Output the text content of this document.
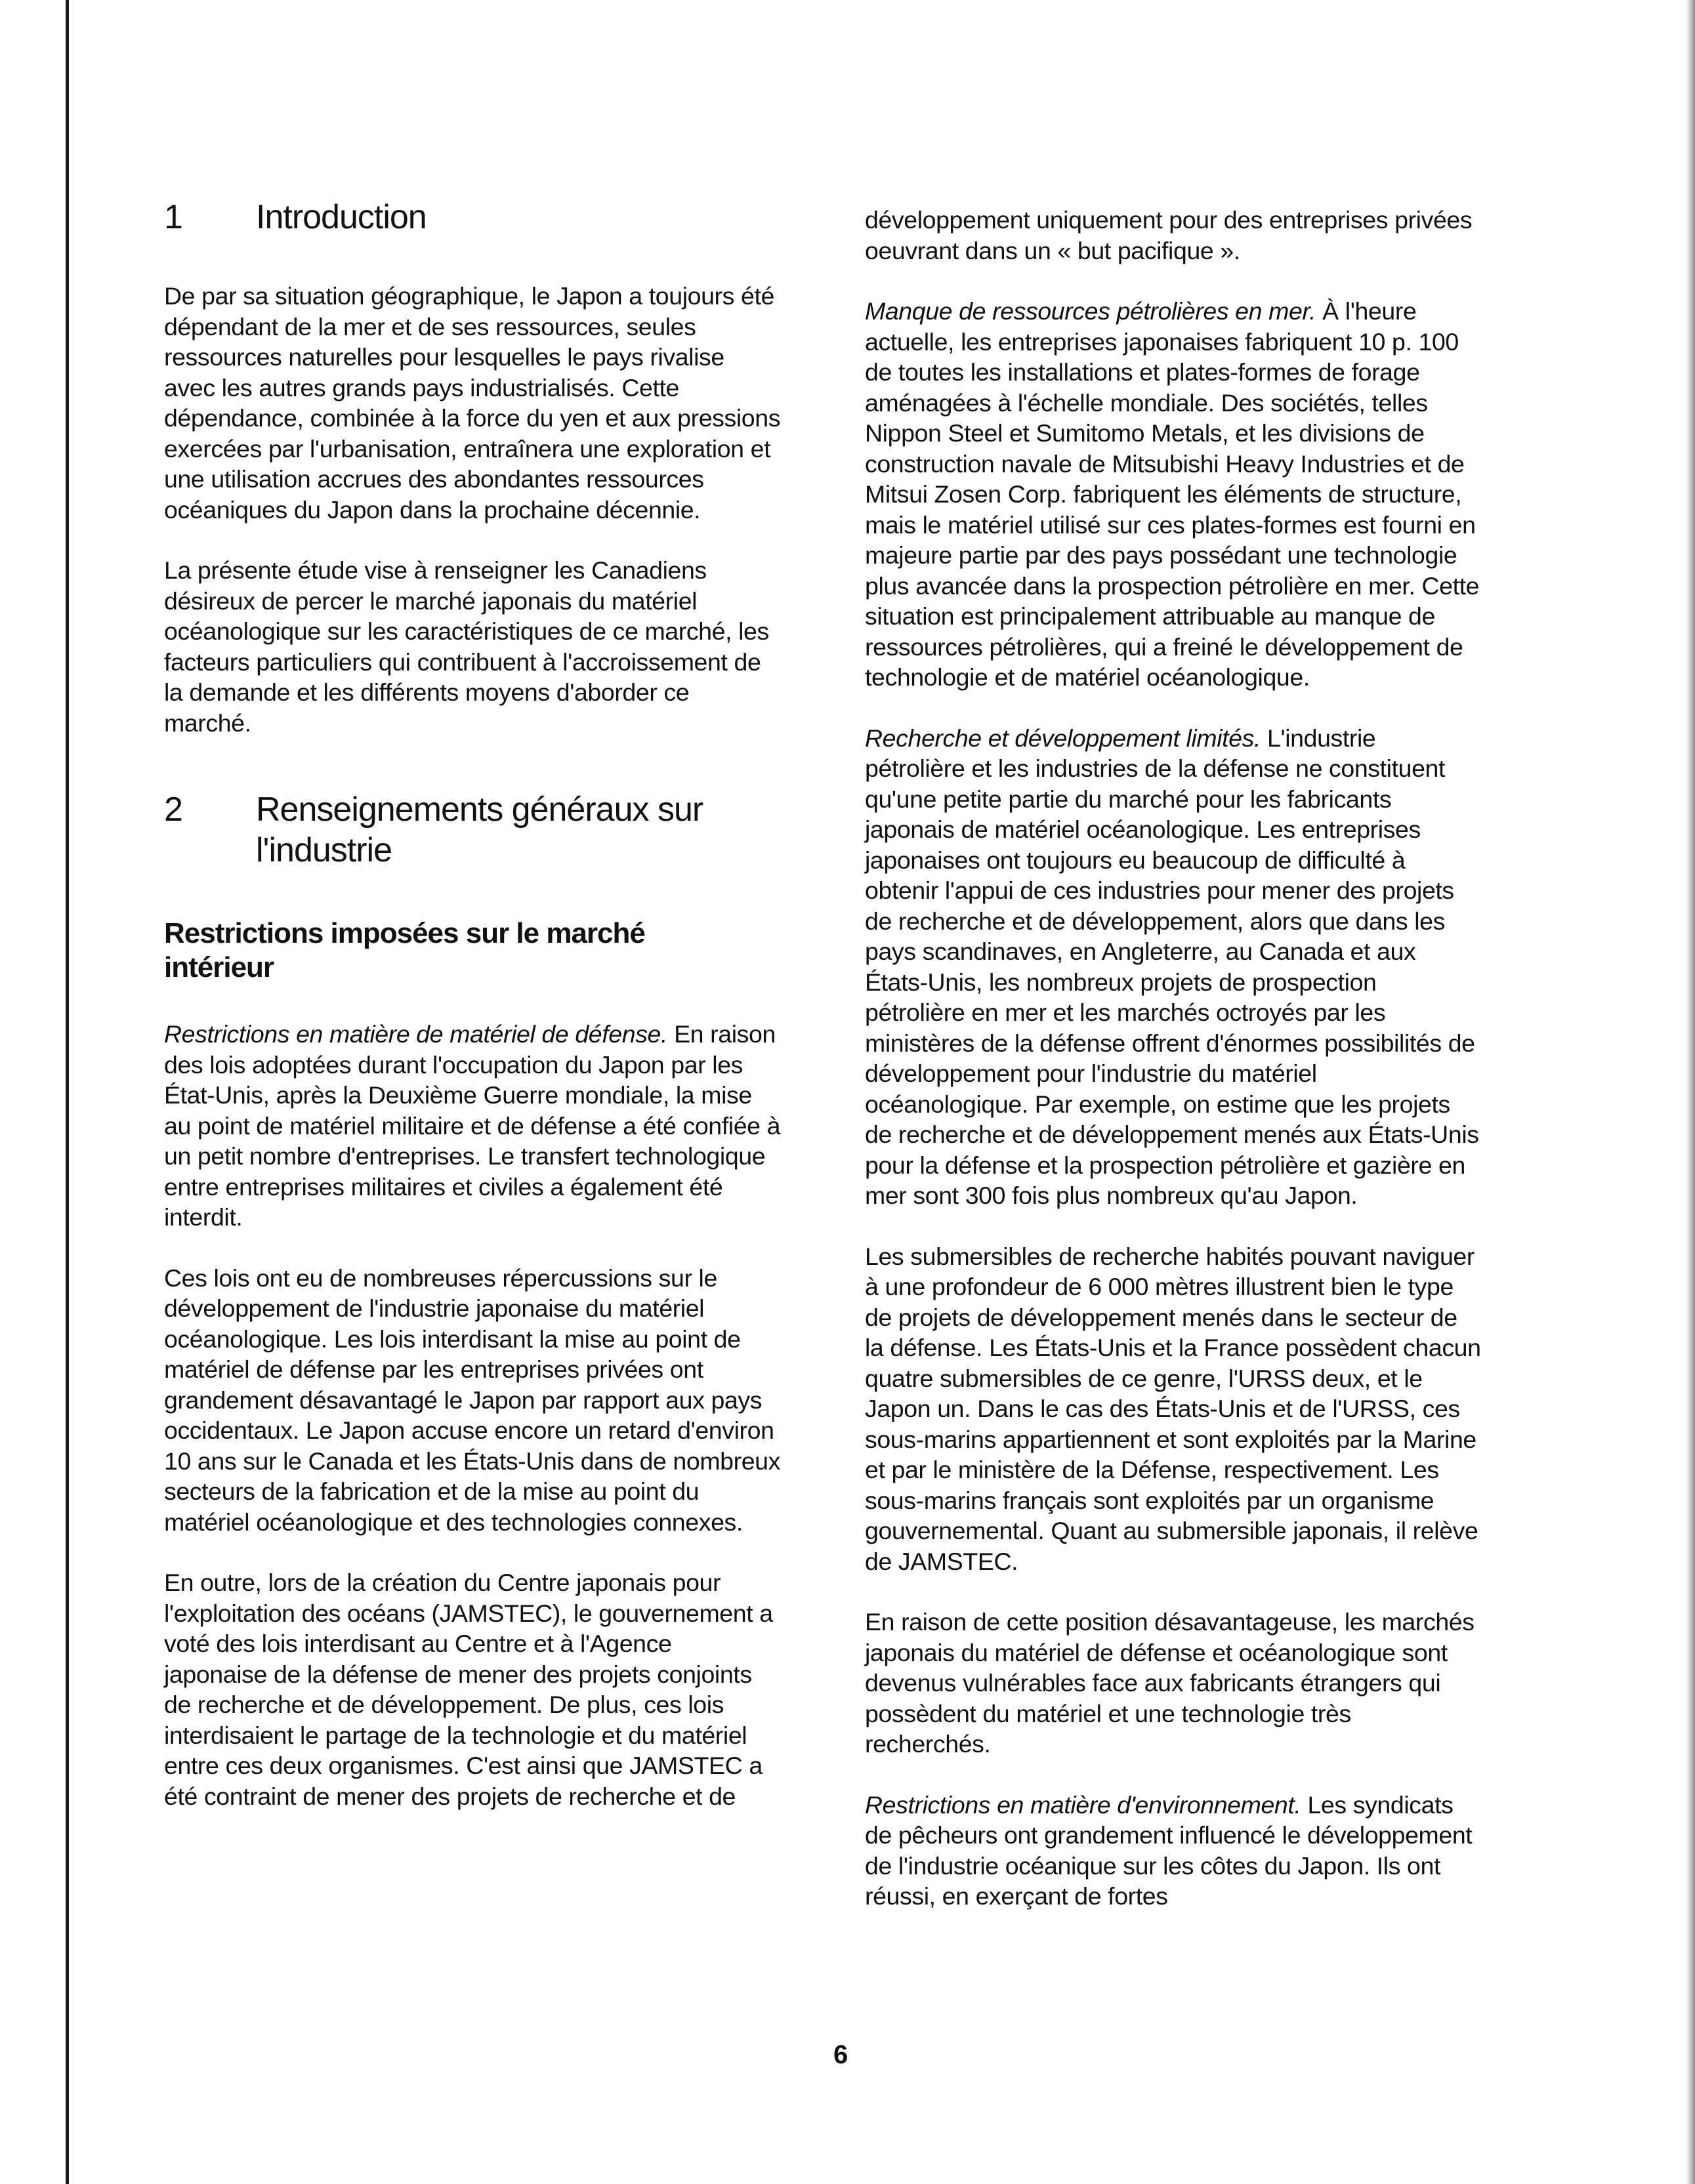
1	Introduction

De par sa situation géographique, le Japon a toujours été dépendant de la mer et de ses ressources, seules ressources naturelles pour lesquelles le pays rivalise avec les autres grands pays industrialisés. Cette dépendance, combinée à la force du yen et aux pressions exercées par l'urbanisation, entraînera une exploration et une utilisation accrues des abondantes ressources océaniques du Japon dans la prochaine décennie.

La présente étude vise à renseigner les Canadiens désireux de percer le marché japonais du matériel océanologique sur les caractéristiques de ce marché, les facteurs particuliers qui contribuent à l'accroissement de la demande et les différents moyens d'aborder ce marché.

2	Renseignements généraux sur l'industrie
Restrictions imposées sur le marché intérieur

Restrictions en matière de matériel de défense. En raison des lois adoptées durant l'occupation du Japon par les État-Unis, après la Deuxième Guerre mondiale, la mise au point de matériel militaire et de défense a été confiée à un petit nombre d'entreprises. Le transfert technologique entre entreprises militaires et civiles a également été interdit.

Ces lois ont eu de nombreuses répercussions sur le développement de l'industrie japonaise du matériel océanologique. Les lois interdisant la mise au point de matériel de défense par les entreprises privées ont grandement désavantagé le Japon par rapport aux pays occidentaux. Le Japon accuse encore un retard d'environ 10 ans sur le Canada et les États-Unis dans de nombreux secteurs de la fabrication et de la mise au point du matériel océanologique et des technologies connexes.

En outre, lors de la création du Centre japonais pour l'exploitation des océans (JAMSTEC), le gouvernement a voté des lois interdisant au Centre et à l'Agence japonaise de la défense de mener des projets conjoints de recherche et de développement. De plus, ces lois interdisaient le partage de la technologie et du matériel entre ces deux organismes. C'est ainsi que JAMSTEC a été contraint de mener des projets de recherche et de

développement uniquement pour des entreprises privées oeuvrant dans un « but pacifique ».

Manque de ressources pétrolières en mer. À l'heure actuelle, les entreprises japonaises fabriquent 10 p. 100 de toutes les installations et plates-formes de forage aménagées à l'échelle mondiale. Des sociétés, telles Nippon Steel et Sumitomo Metals, et les divisions de construction navale de Mitsubishi Heavy Industries et de Mitsui Zosen Corp. fabriquent les éléments de structure, mais le matériel utilisé sur ces plates-formes est fourni en majeure partie par des pays possédant une technologie plus avancée dans la prospection pétrolière en mer. Cette situation est principalement attribuable au manque de ressources pétrolières, qui a freiné le développement de technologie et de matériel océanologique.

Recherche et développement limités. L'industrie pétrolière et les industries de la défense ne constituent qu'une petite partie du marché pour les fabricants japonais de matériel océanologique. Les entreprises japonaises ont toujours eu beaucoup de difficulté à obtenir l'appui de ces industries pour mener des projets de recherche et de développement, alors que dans les pays scandinaves, en Angleterre, au Canada et aux États-Unis, les nombreux projets de prospection pétrolière en mer et les marchés octroyés par les ministères de la défense offrent d'énormes possibilités de développement pour l'industrie du matériel océanologique. Par exemple, on estime que les projets de recherche et de développement menés aux États-Unis pour la défense et la prospection pétrolière et gazière en mer sont 300 fois plus nombreux qu'au Japon.

Les submersibles de recherche habités pouvant naviguer à une profondeur de 6 000 mètres illustrent bien le type de projets de développement menés dans le secteur de la défense. Les États-Unis et la France possèdent chacun quatre submersibles de ce genre, l'URSS deux, et le Japon un. Dans le cas des États-Unis et de l'URSS, ces sous-marins appartiennent et sont exploités par la Marine et par le ministère de la Défense, respectivement. Les sous-marins français sont exploités par un organisme gouvernemental. Quant au submersible japonais, il relève de JAMSTEC.

En raison de cette position désavantageuse, les marchés japonais du matériel de défense et océanologique sont devenus vulnérables face aux fabricants étrangers qui possèdent du matériel et une technologie très recherchés.

Restrictions en matière d'environnement. Les syndicats de pêcheurs ont grandement influencé le développement de l'industrie océanique sur les côtes du Japon. Ils ont réussi, en exerçant de fortes

6
